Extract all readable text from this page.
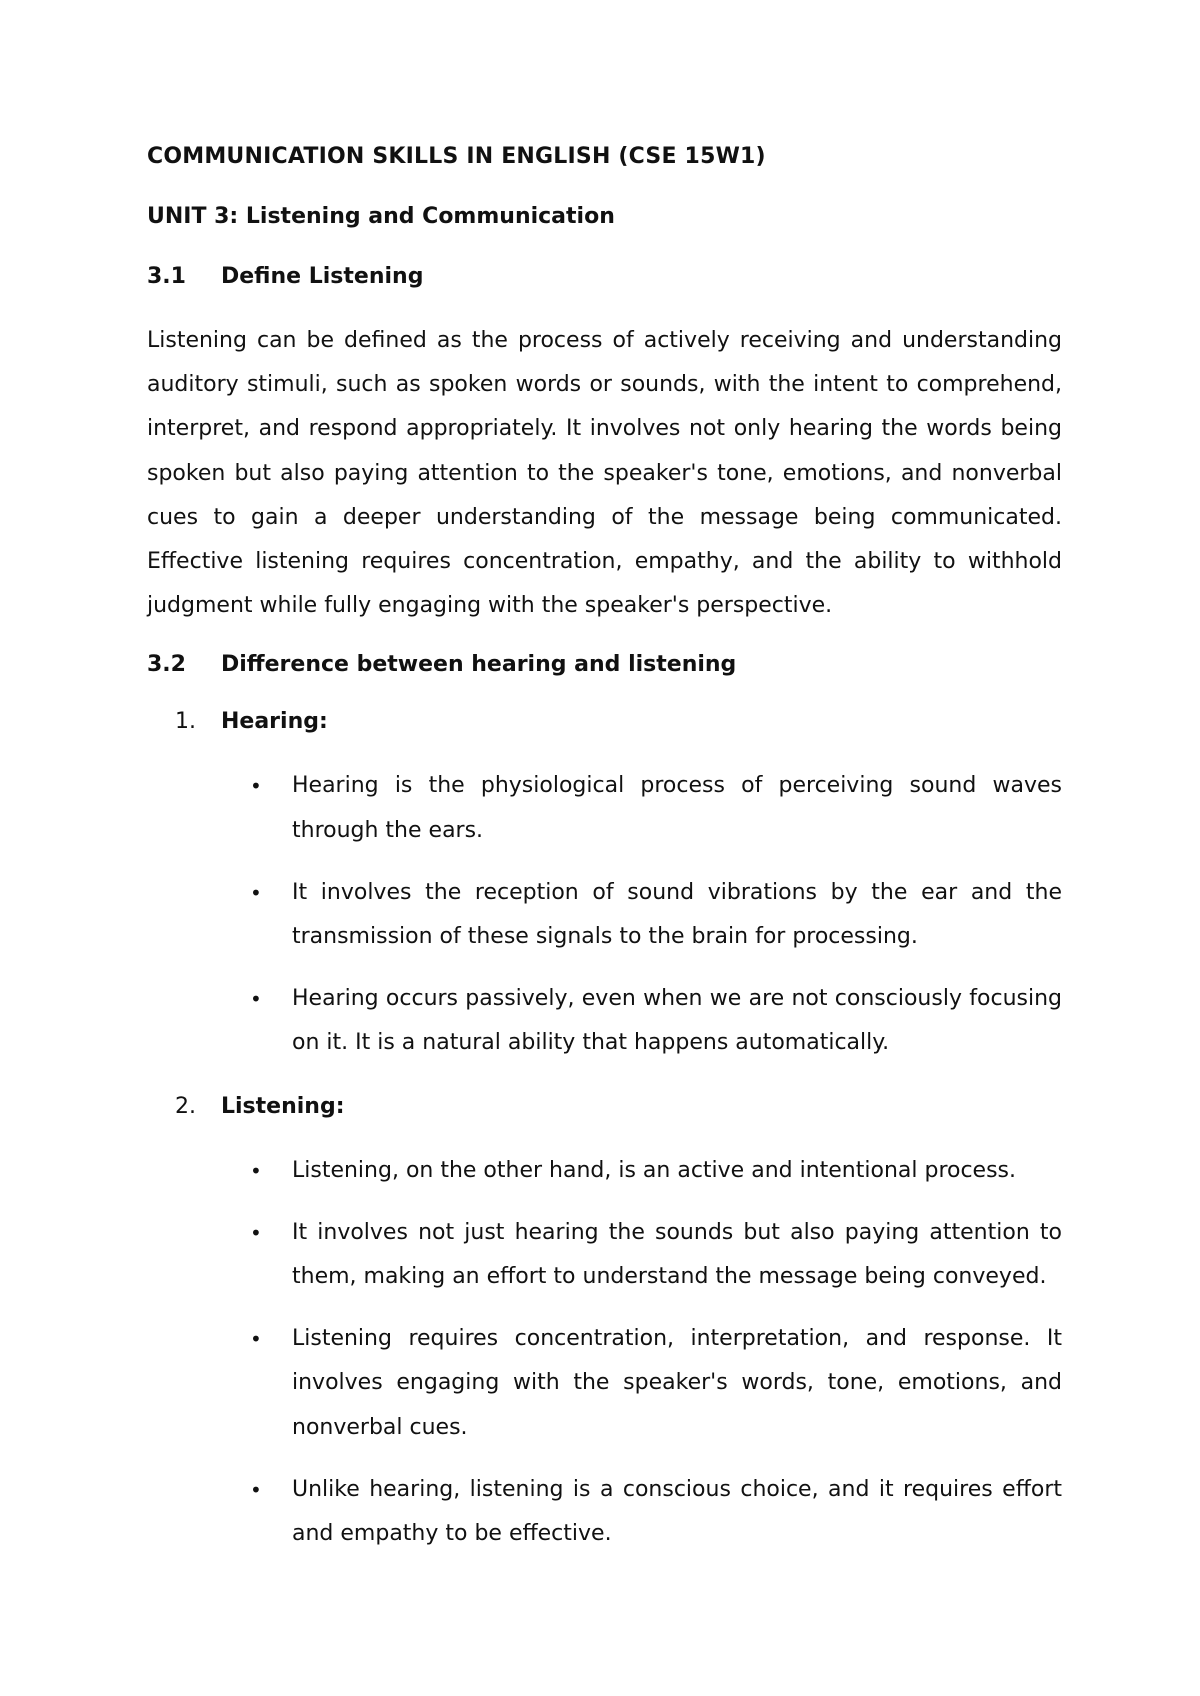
COMMUNICATION SKILLS IN ENGLISH (CSE 15W1)
UNIT 3: Listening and Communication
3.1	Define Listening

Listening can be defined as the process of actively receiving and understanding auditory stimuli, such as spoken words or sounds, with the intent to comprehend, interpret, and respond appropriately. It involves not only hearing the words being spoken but also paying attention to the speaker's tone, emotions, and nonverbal cues to gain a deeper understanding of the message being communicated. Effective listening requires concentration, empathy, and the ability to withhold judgment while fully engaging with the speaker's perspective.

3.2	Difference between hearing and listening
1.	Hearing:
• Hearing is the physiological process of perceiving sound waves through the ears.
• It involves the reception of sound vibrations by the ear and the transmission of these signals to the brain for processing.
• Hearing occurs passively, even when we are not consciously focusing on it. It is a natural ability that happens automatically.
2.	Listening:
• Listening, on the other hand, is an active and intentional process.
• It involves not just hearing the sounds but also paying attention to them, making an effort to understand the message being conveyed.
• Listening requires concentration, interpretation, and response. It involves engaging with the speaker's words, tone, emotions, and nonverbal cues.
• Unlike hearing, listening is a conscious choice, and it requires effort and empathy to be effective.
